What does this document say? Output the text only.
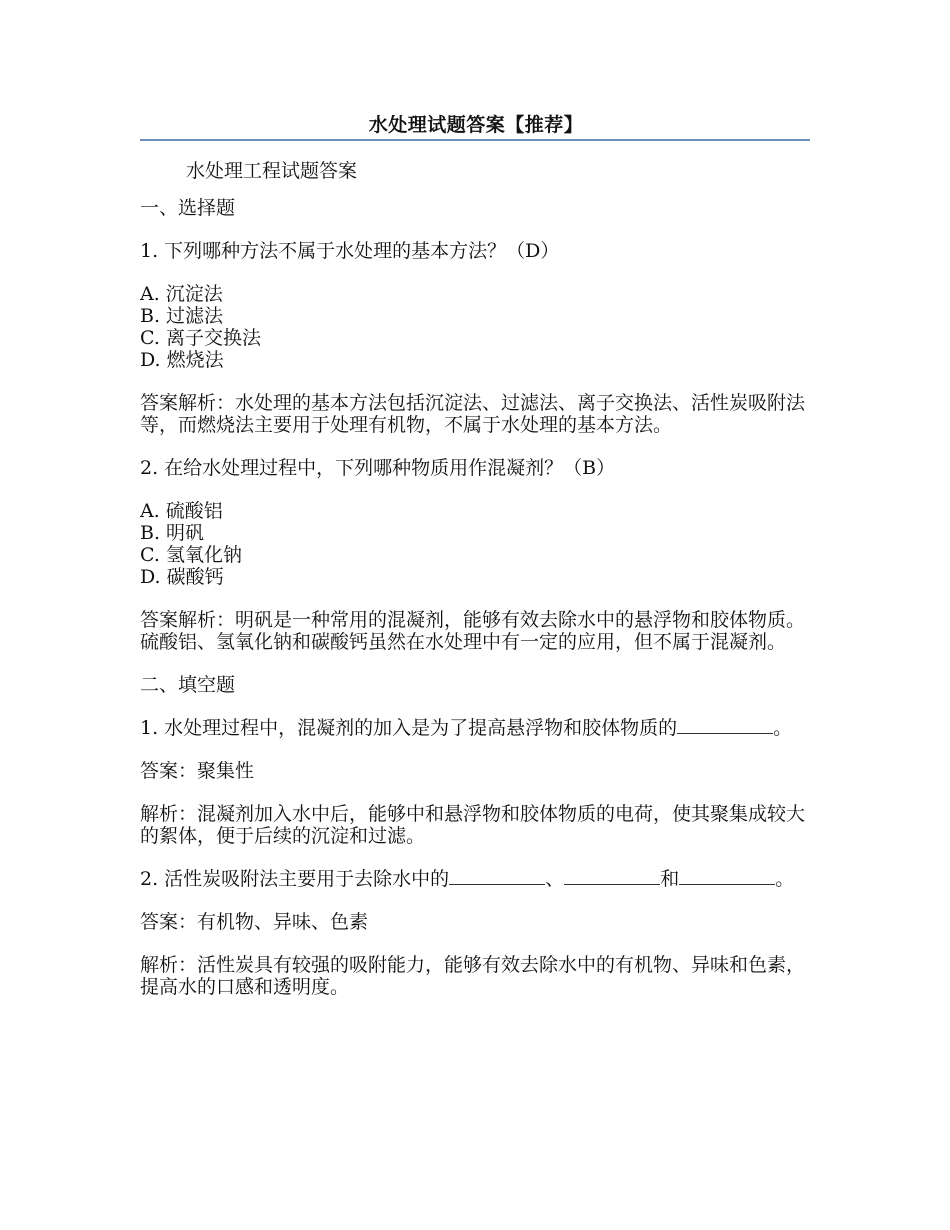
水处理试题答案【推荐】

水处理工程试题答案

一、选择题

1. 下列哪种方法不属于水处理的基本方法？（D）

A. 沉淀法

B. 过滤法

C. 离子交换法

D. 燃烧法

答案解析：水处理的基本方法包括沉淀法、过滤法、离子交换法、活性炭吸附法等，而燃烧法主要用于处理有机物，不属于水处理的基本方法。

2. 在给水处理过程中，下列哪种物质用作混凝剂？（B）

A. 硫酸铝

B. 明矾

C. 氢氧化钠

D. 碳酸钙

答案解析：明矾是一种常用的混凝剂，能够有效去除水中的悬浮物和胶体物质。硫酸铝、氢氧化钠和碳酸钙虽然在水处理中有一定的应用，但不属于混凝剂。

二、填空题

1. 水处理过程中，混凝剂的加入是为了提高悬浮物和胶体物质的	。

答案：聚集性

解析：混凝剂加入水中后，能够中和悬浮物和胶体物质的电荷，使其聚集成较大的絮体，便于后续的沉淀和过滤。

2. 活性炭吸附法主要用于去除水中的	、	和	。

答案：有机物、异味、色素

解析：活性炭具有较强的吸附能力，能够有效去除水中的有机物、异味和色素，提高水的口感和透明度。
